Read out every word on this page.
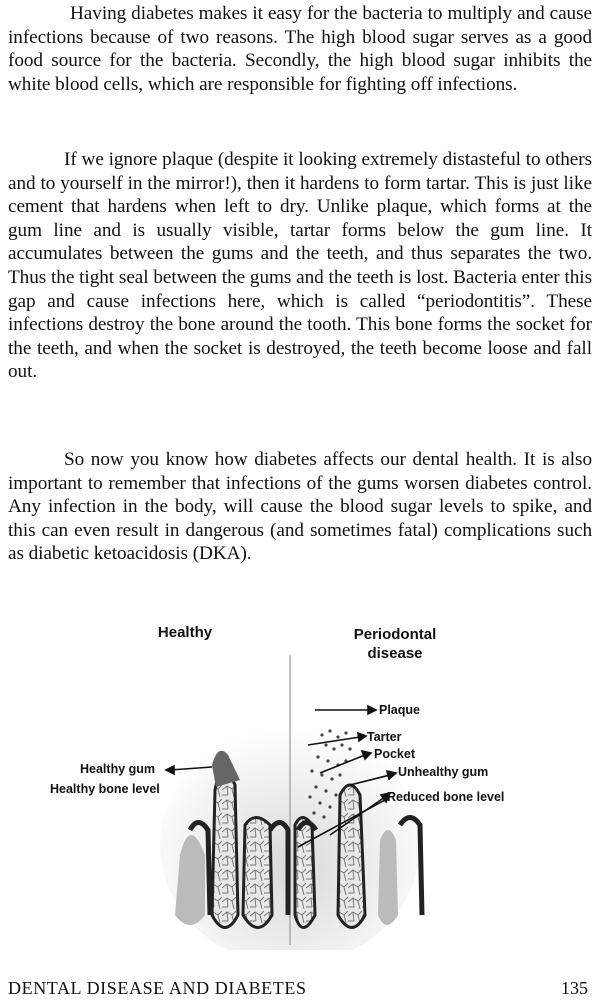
Having diabetes makes it easy for the bacteria to multiply and cause infections because of two reasons. The high blood sugar serves as a good food source for the bacteria. Secondly, the high blood sugar inhibits the white blood cells, which are responsible for fighting off infections.

If we ignore plaque (despite it looking extremely distasteful to others and to yourself in the mirror!), then it hardens to form tartar. This is just like cement that hardens when left to dry. Unlike plaque, which forms at the gum line and is usually visible, tartar forms below the gum line. It accumulates between the gums and the teeth, and thus separates the two. Thus the tight seal between the gums and the teeth is lost. Bacteria enter this gap and cause infections here, which is called “periodontitis”. These infections destroy the bone around the tooth. This bone forms the socket for the teeth, and when the socket is destroyed, the teeth become loose and fall out.

So now you know how diabetes affects our dental health. It is also important to remember that infections of the gums worsen diabetes control. Any infection in the body, will cause the blood sugar levels to spike, and this can even result in dangerous (and sometimes fatal) complications such as diabetic ketoacidosis (DKA).

Healthy	Periodontal disease
Healthy gum
Healthy bone level
Plaque
Tarter
Pocket
Unhealthy gum
Reduced bone level
DENTAL DISEASE AND DIABETES	135
